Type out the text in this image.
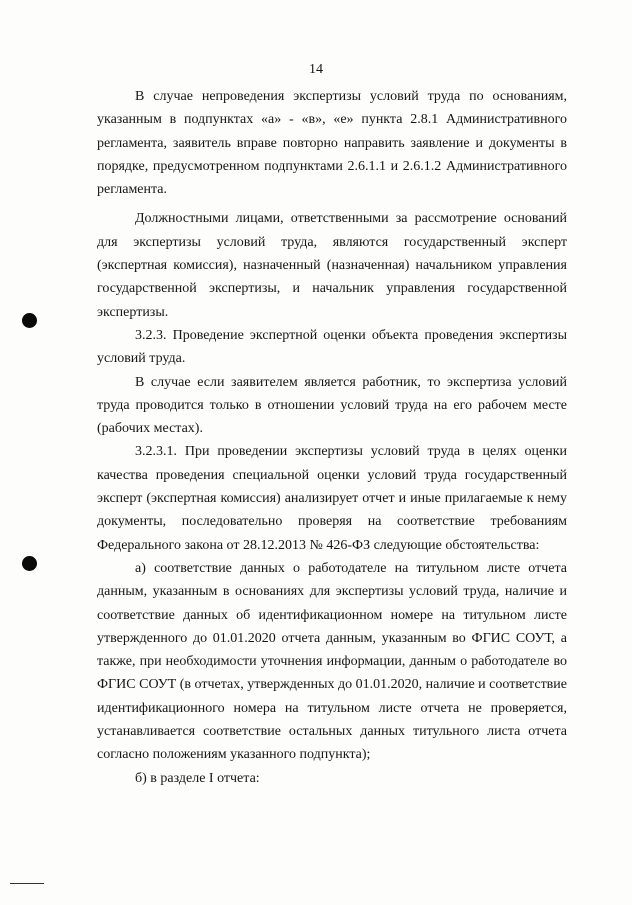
14

В случае непроведения экспертизы условий труда по основаниям, указанным в подпунктах «а» - «в», «е» пункта 2.8.1 Административного регламента, заявитель вправе повторно направить заявление и документы в порядке, предусмотренном подпунктами 2.6.1.1 и 2.6.1.2 Административного регламента.

Должностными лицами, ответственными за рассмотрение оснований для экспертизы условий труда, являются государственный эксперт (экспертная комиссия), назначенный (назначенная) начальником управления государственной экспертизы, и начальник управления государственной экспертизы.

3.2.3. Проведение экспертной оценки объекта проведения экспертизы условий труда.

В случае если заявителем является работник, то экспертиза условий труда проводится только в отношении условий труда на его рабочем месте (рабочих местах).

3.2.3.1. При проведении экспертизы условий труда в целях оценки качества проведения специальной оценки условий труда государственный эксперт (экспертная комиссия) анализирует отчет и иные прилагаемые к нему документы, последовательно проверяя на соответствие требованиям Федерального закона от 28.12.2013 № 426-ФЗ следующие обстоятельства:

а) соответствие данных о работодателе на титульном листе отчета данным, указанным в основаниях для экспертизы условий труда, наличие и соответствие данных об идентификационном номере на титульном листе утвержденного до 01.01.2020 отчета данным, указанным во ФГИС СОУТ, а также, при необходимости уточнения информации, данным о работодателе во ФГИС СОУТ (в отчетах, утвержденных до 01.01.2020, наличие и соответствие идентификационного номера на титульном листе отчета не проверяется, устанавливается соответствие остальных данных титульного листа отчета согласно положениям указанного подпункта);

б) в разделе I отчета:
